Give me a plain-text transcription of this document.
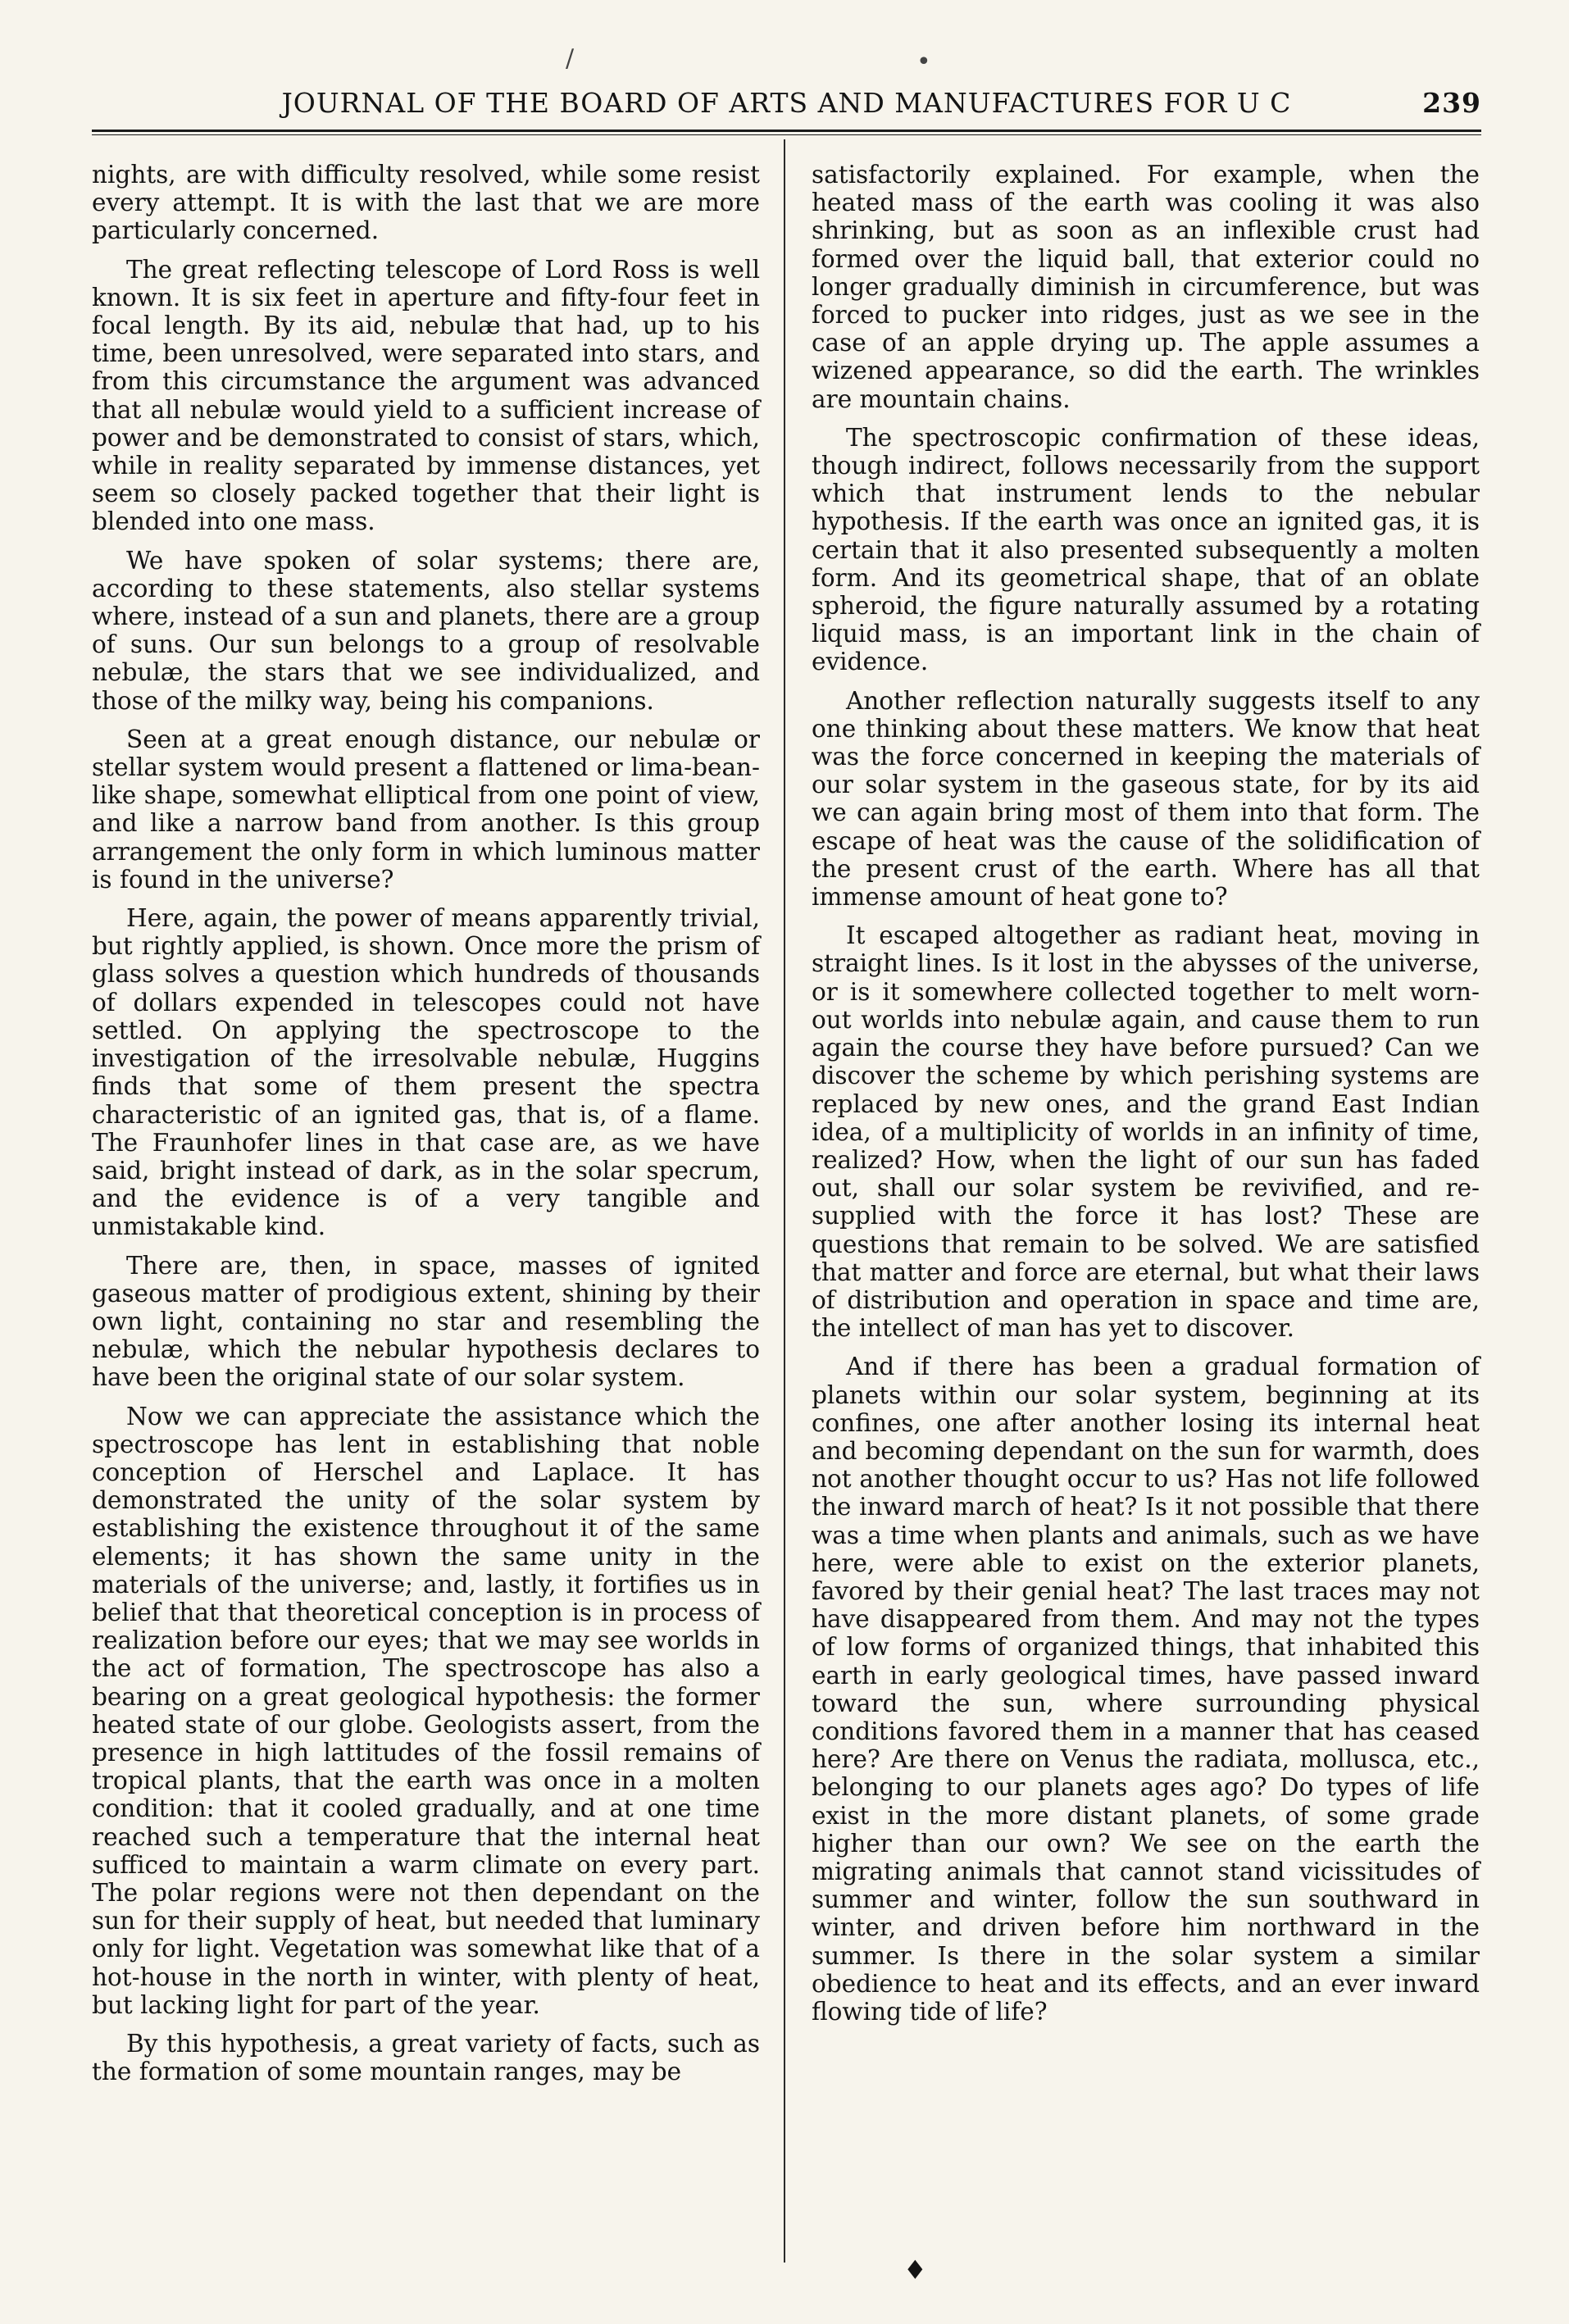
/	•
JOURNAL OF THE BOARD OF ARTS AND MANUFACTURES FOR U C	239

nights, are with difficulty resolved, while some resist every attempt. It is with the last that we are more particularly concerned.

The great reflecting telescope of Lord Ross is well known. It is six feet in aperture and fifty-four feet in focal length. By its aid, nebulæ that had, up to his time, been unresolved, were separated into stars, and from this circumstance the argument was advanced that all nebulæ would yield to a sufficient increase of power and be demonstrated to consist of stars, which, while in reality separated by immense distances, yet seem so closely packed together that their light is blended into one mass.

We have spoken of solar systems; there are, according to these statements, also stellar systems where, instead of a sun and planets, there are a group of suns. Our sun belongs to a group of resolvable nebulæ, the stars that we see individualized, and those of the milky way, being his companions.

Seen at a great enough distance, our nebulæ or stellar system would present a flattened or lima-bean-like shape, somewhat elliptical from one point of view, and like a narrow band from another. Is this group arrangement the only form in which luminous matter is found in the universe?

Here, again, the power of means apparently trivial, but rightly applied, is shown. Once more the prism of glass solves a question which hundreds of thousands of dollars expended in telescopes could not have settled. On applying the spectroscope to the investigation of the irresolvable nebulæ, Huggins finds that some of them present the spectra characteristic of an ignited gas, that is, of a flame. The Fraunhofer lines in that case are, as we have said, bright instead of dark, as in the solar specrum, and the evidence is of a very tangible and unmistakable kind.

There are, then, in space, masses of ignited gaseous matter of prodigious extent, shining by their own light, containing no star and resembling the nebulæ, which the nebular hypothesis declares to have been the original state of our solar system.

Now we can appreciate the assistance which the spectroscope has lent in establishing that noble conception of Herschel and Laplace. It has demonstrated the unity of the solar system by establishing the existence throughout it of the same elements; it has shown the same unity in the materials of the universe; and, lastly, it fortifies us in belief that that theoretical conception is in process of realization before our eyes; that we may see worlds in the act of formation, The spectroscope has also a bearing on a great geological hypothesis: the former heated state of our globe. Geologists assert, from the presence in high lattitudes of the fossil remains of tropical plants, that the earth was once in a molten condition: that it cooled gradually, and at one time reached such a temperature that the internal heat sufficed to maintain a warm climate on every part. The polar regions were not then dependant on the sun for their supply of heat, but needed that luminary only for light. Vegetation was somewhat like that of a hot-house in the north in winter, with plenty of heat, but lacking light for part of the year.

By this hypothesis, a great variety of facts, such as the formation of some mountain ranges, may be

satisfactorily explained. For example, when the heated mass of the earth was cooling it was also shrinking, but as soon as an inflexible crust had formed over the liquid ball, that exterior could no longer gradually diminish in circumference, but was forced to pucker into ridges, just as we see in the case of an apple drying up. The apple assumes a wizened appearance, so did the earth. The wrinkles are mountain chains.

The spectroscopic confirmation of these ideas, though indirect, follows necessarily from the support which that instrument lends to the nebular hypothesis. If the earth was once an ignited gas, it is certain that it also presented subsequently a molten form. And its geometrical shape, that of an oblate spheroid, the figure naturally assumed by a rotating liquid mass, is an important link in the chain of evidence.

Another reflection naturally suggests itself to any one thinking about these matters. We know that heat was the force concerned in keeping the materials of our solar system in the gaseous state, for by its aid we can again bring most of them into that form. The escape of heat was the cause of the solidification of the present crust of the earth. Where has all that immense amount of heat gone to?

It escaped altogether as radiant heat, moving in straight lines. Is it lost in the abysses of the universe, or is it somewhere collected together to melt worn-out worlds into nebulæ again, and cause them to run again the course they have before pursued? Can we discover the scheme by which perishing systems are replaced by new ones, and the grand East Indian idea, of a multiplicity of worlds in an infinity of time, realized? How, when the light of our sun has faded out, shall our solar system be revivified, and re-supplied with the force it has lost? These are questions that remain to be solved. We are satisfied that matter and force are eternal, but what their laws of distribution and operation in space and time are, the intellect of man has yet to discover.

And if there has been a gradual formation of planets within our solar system, beginning at its confines, one after another losing its internal heat and becoming dependant on the sun for warmth, does not another thought occur to us? Has not life followed the inward march of heat? Is it not possible that there was a time when plants and animals, such as we have here, were able to exist on the exterior planets, favored by their genial heat? The last traces may not have disappeared from them. And may not the types of low forms of organized things, that inhabited this earth in early geological times, have passed inward toward the sun, where surrounding physical conditions favored them in a manner that has ceased here? Are there on Venus the radiata, mollusca, etc., belonging to our planets ages ago? Do types of life exist in the more distant planets, of some grade higher than our own? We see on the earth the migrating animals that cannot stand vicissitudes of summer and winter, follow the sun southward in winter, and driven before him northward in the summer. Is there in the solar system a similar obedience to heat and its effects, and an ever inward flowing tide of life?

♦
